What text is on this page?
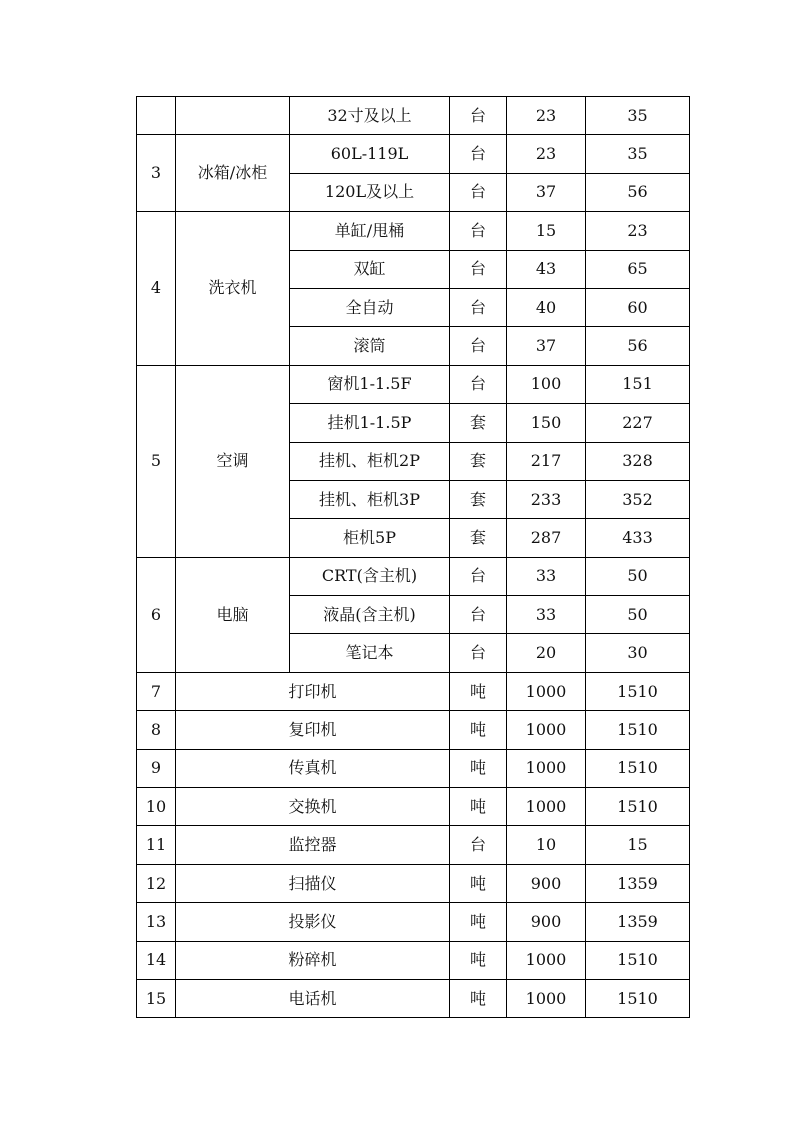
		32寸及以上	台	23	35
3	冰箱/冰柜	60L-119L	台	23	35
		120L及以上	台	37	56
4	洗衣机	单缸/甩桶	台	15	23
		双缸	台	43	65
		全自动	台	40	60
		滚筒	台	37	56
5	空调	窗机1-1.5F	台	100	151
		挂机1-1.5P	套	150	227
		挂机、柜机2P	套	217	328
		挂机、柜机3P	套	233	352
		柜机5P	套	287	433
6	电脑	CRT(含主机)	台	33	50
		液晶(含主机)	台	33	50
		笔记本	台	20	30
7	打印机		吨	1000	1510
8	复印机		吨	1000	1510
9	传真机		吨	1000	1510
10	交换机		吨	1000	1510
11	监控器		台	10	15
12	扫描仪		吨	900	1359
13	投影仪		吨	900	1359
14	粉碎机		吨	1000	1510
15	电话机		吨	1000	1510
